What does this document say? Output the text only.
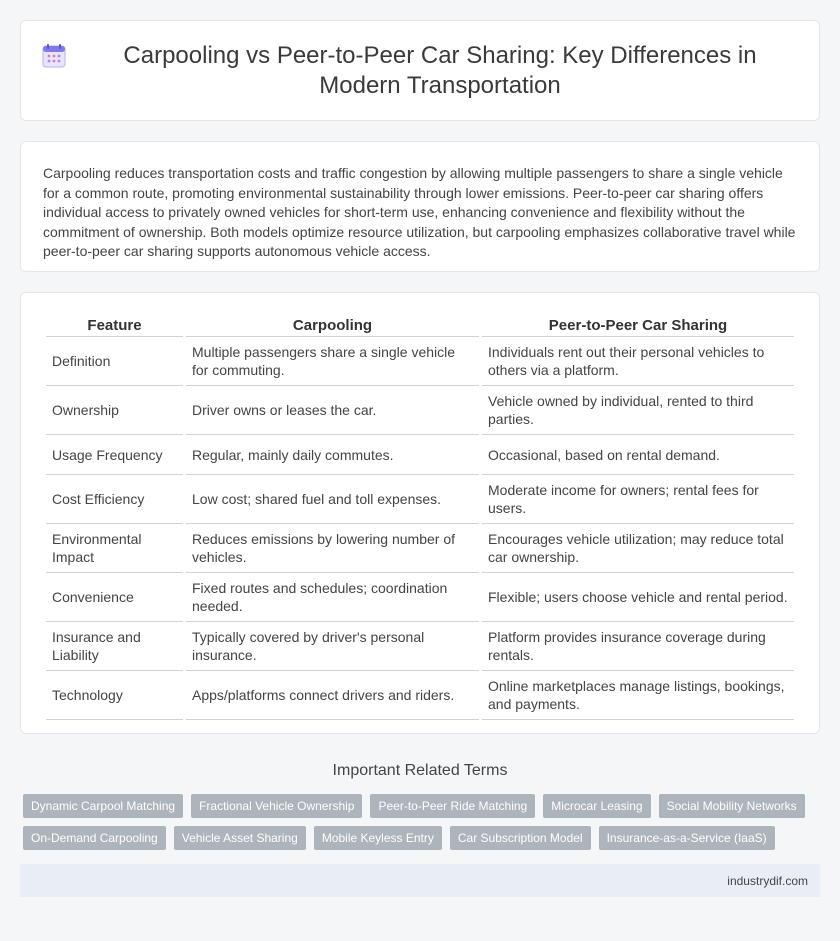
Carpooling vs Peer-to-Peer Car Sharing: Key Differences in Modern Transportation
Carpooling reduces transportation costs and traffic congestion by allowing multiple passengers to share a single vehicle for a common route, promoting environmental sustainability through lower emissions. Peer-to-peer car sharing offers individual access to privately owned vehicles for short-term use, enhancing convenience and flexibility without the commitment of ownership. Both models optimize resource utilization, but carpooling emphasizes collaborative travel while peer-to-peer car sharing supports autonomous vehicle access.
Feature	Carpooling	Peer-to-Peer Car Sharing
Definition	Multiple passengers share a single vehicle for commuting.	Individuals rent out their personal vehicles to others via a platform.
Ownership	Driver owns or leases the car.	Vehicle owned by individual, rented to third parties.
Usage Frequency	Regular, mainly daily commutes.	Occasional, based on rental demand.
Cost Efficiency	Low cost; shared fuel and toll expenses.	Moderate income for owners; rental fees for users.
Environmental Impact	Reduces emissions by lowering number of vehicles.	Encourages vehicle utilization; may reduce total car ownership.
Convenience	Fixed routes and schedules; coordination needed.	Flexible; users choose vehicle and rental period.
Insurance and Liability	Typically covered by driver's personal insurance.	Platform provides insurance coverage during rentals.
Technology	Apps/platforms connect drivers and riders.	Online marketplaces manage listings, bookings, and payments.
Important Related Terms
Dynamic Carpool Matching	Fractional Vehicle Ownership	Peer-to-Peer Ride Matching	Microcar Leasing	Social Mobility Networks
On-Demand Carpooling	Vehicle Asset Sharing	Mobile Keyless Entry	Car Subscription Model	Insurance-as-a-Service (IaaS)
industrydif.com
